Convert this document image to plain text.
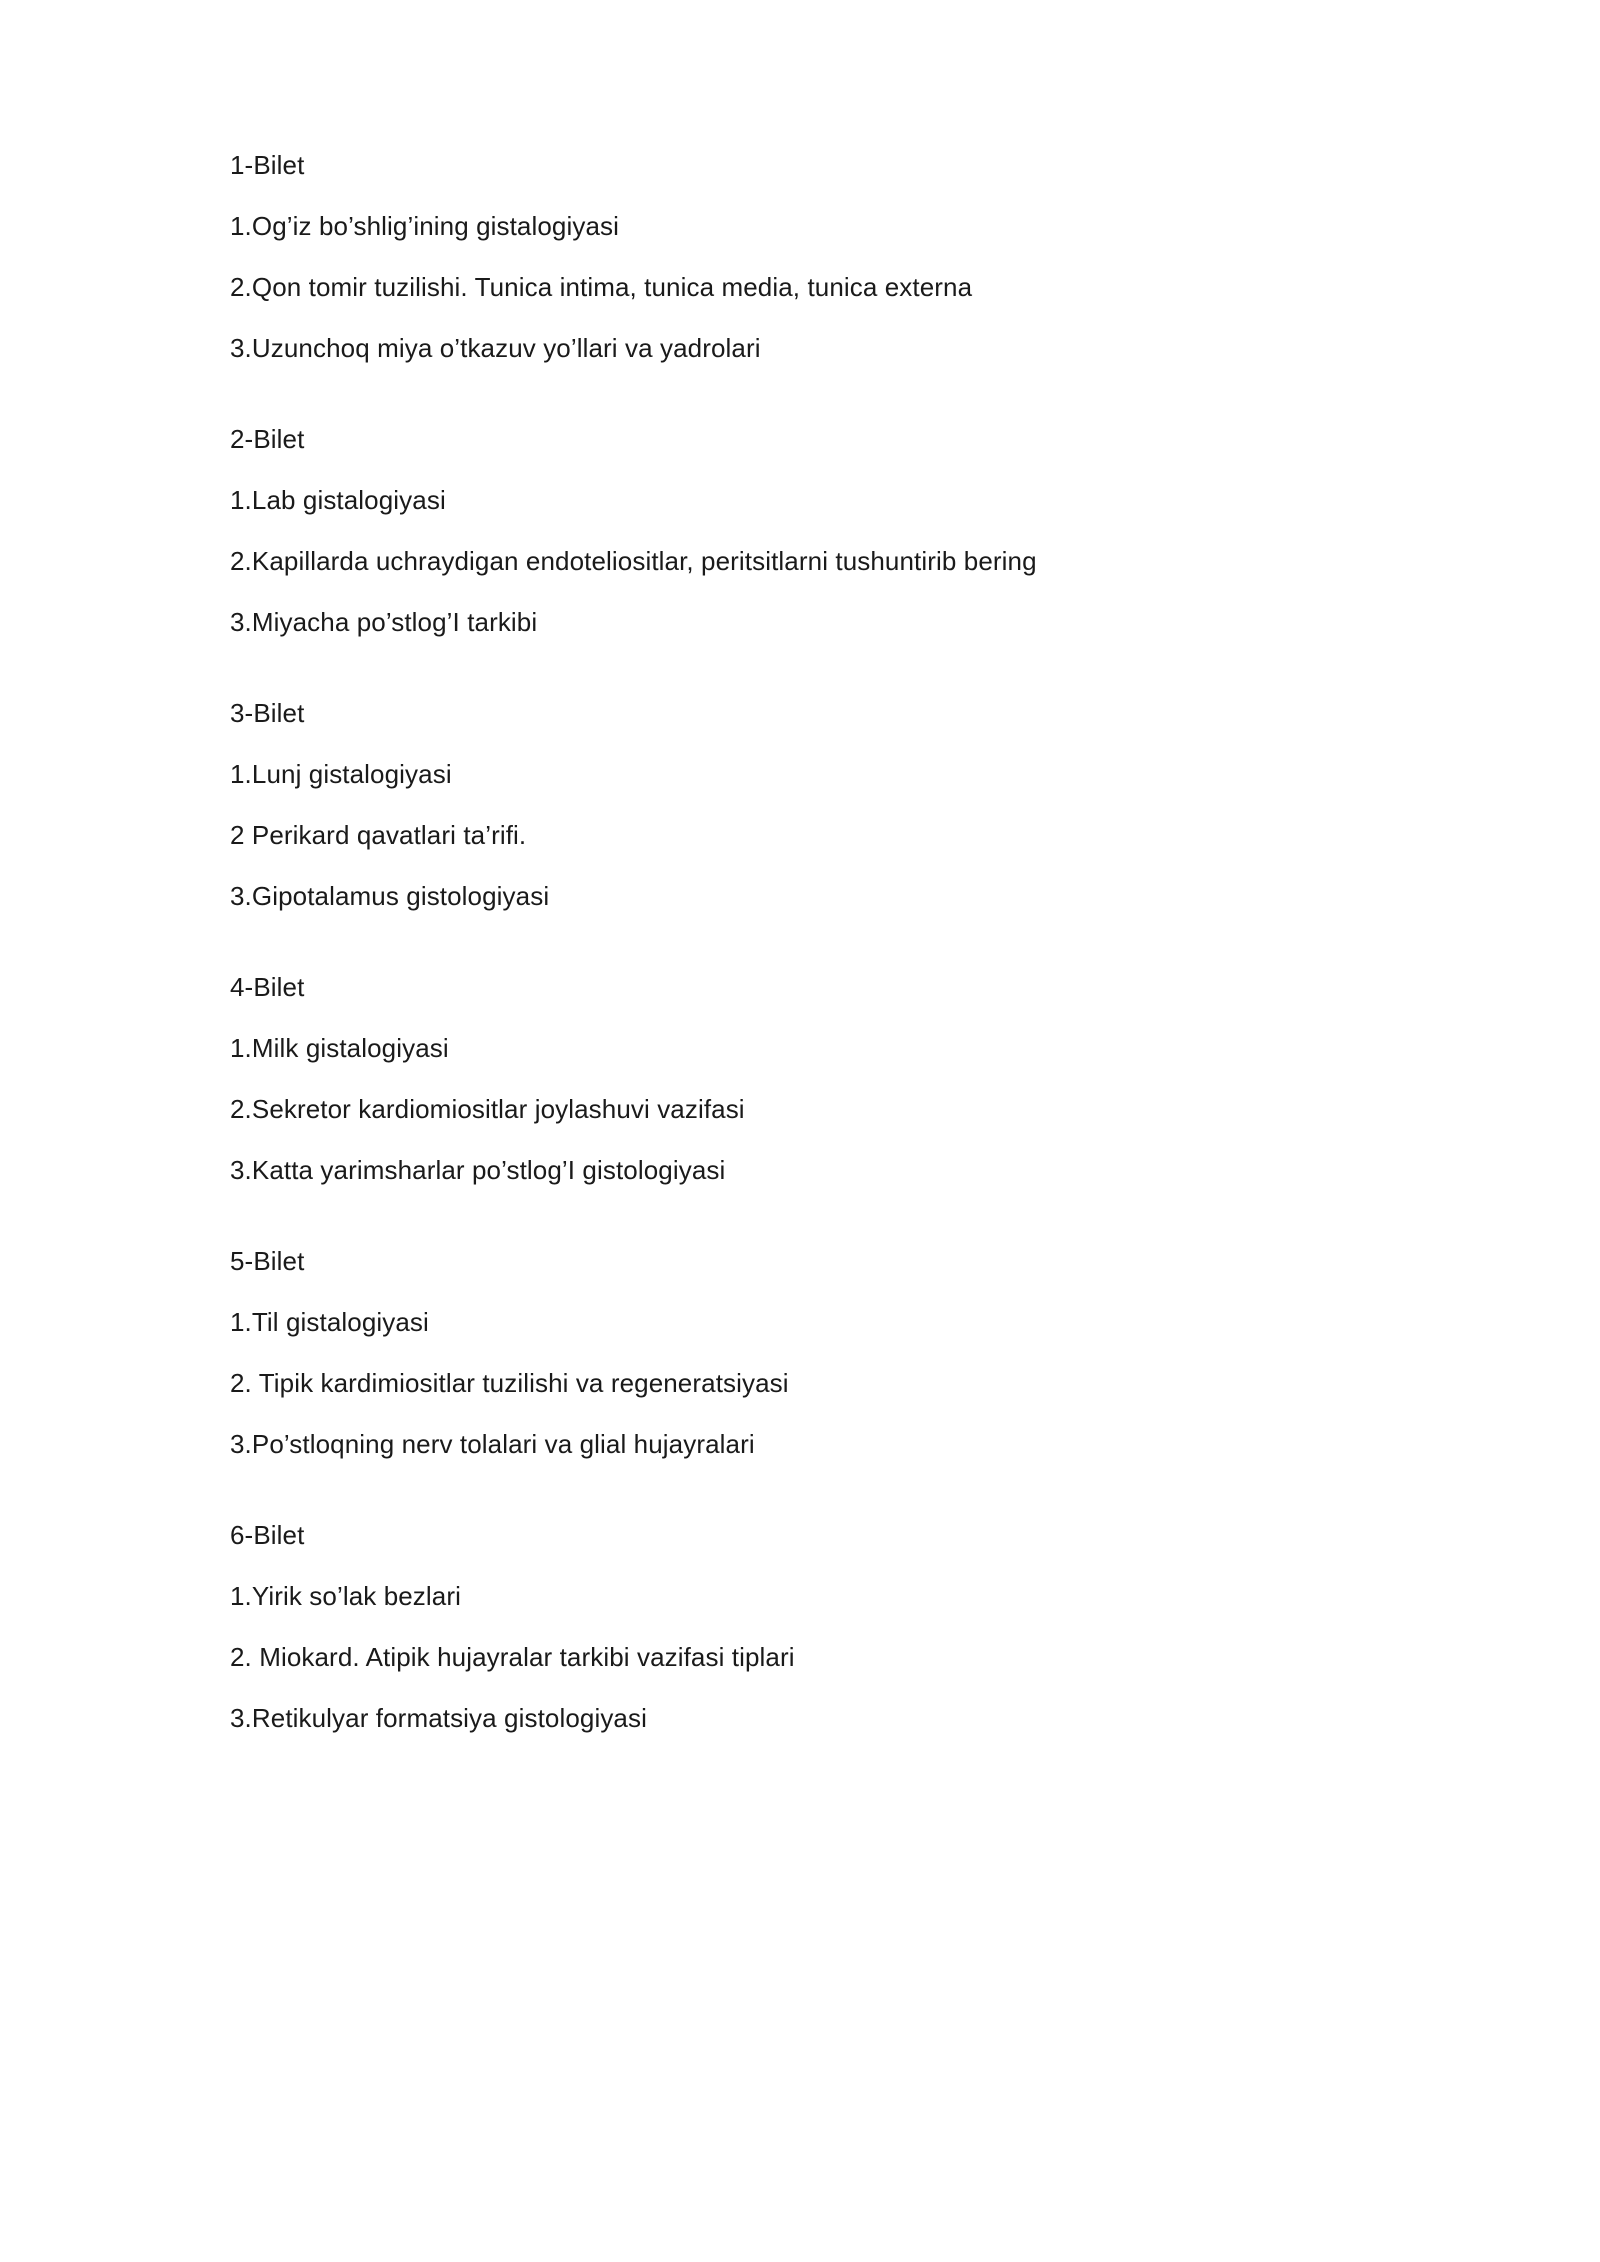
1-Bilet
1.Og’iz bo’shlig’ining gistalogiyasi
2.Qon tomir tuzilishi. Tunica intima, tunica media, tunica externa
3.Uzunchoq miya o’tkazuv yo’llari va yadrolari
2-Bilet
1.Lab gistalogiyasi
2.Kapillarda uchraydigan endoteliositlar, peritsitlarni tushuntirib bering
3.Miyacha po’stlog’I tarkibi
3-Bilet
1.Lunj gistalogiyasi
2 Perikard qavatlari ta’rifi.
3.Gipotalamus gistologiyasi
4-Bilet
1.Milk gistalogiyasi
2.Sekretor kardiomiositlar joylashuvi vazifasi
3.Katta yarimsharlar po’stlog’I gistologiyasi
5-Bilet
1.Til gistalogiyasi
2. Tipik kardimiositlar tuzilishi va regeneratsiyasi
3.Po’stloqning nerv tolalari va glial hujayralari
6-Bilet
1.Yirik so’lak bezlari
2. Miokard. Atipik hujayralar tarkibi vazifasi tiplari
3.Retikulyar formatsiya gistologiyasi
